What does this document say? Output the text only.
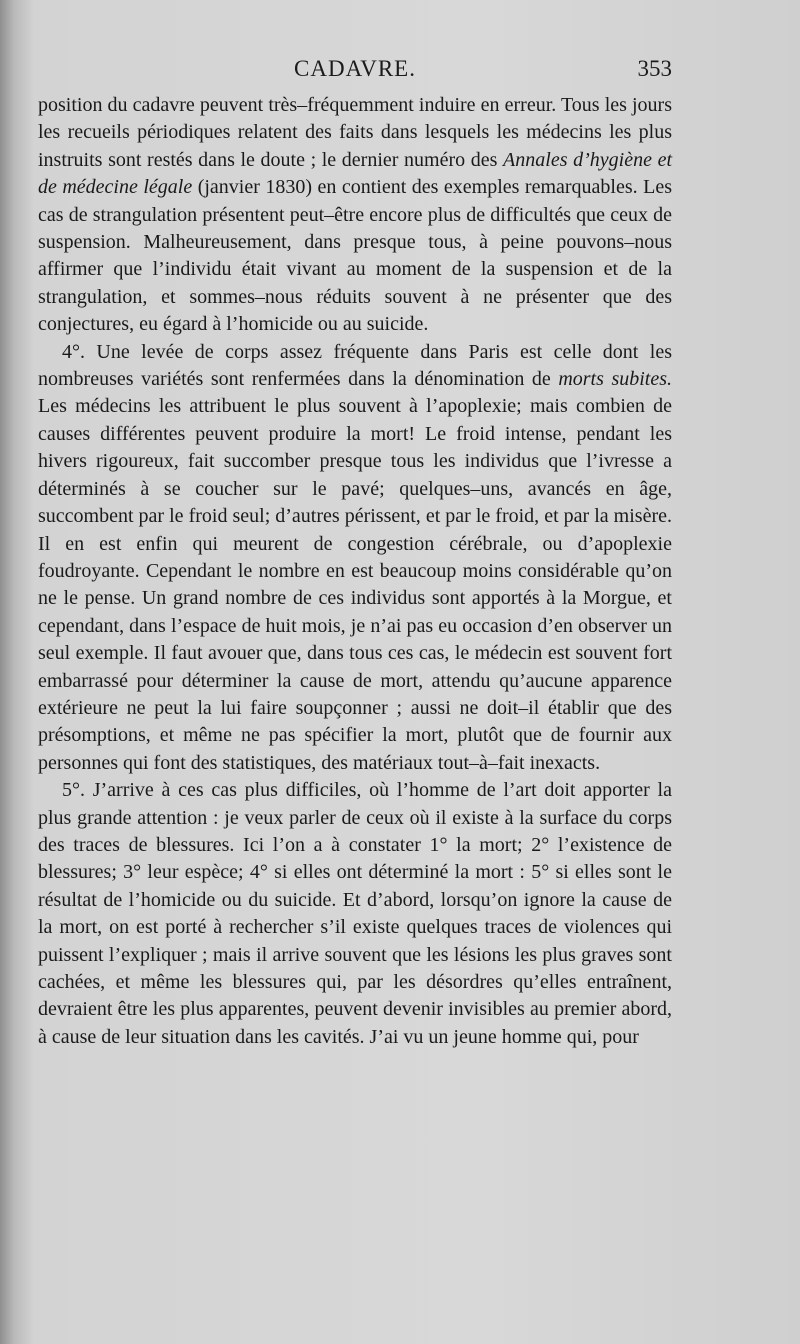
CADAVRE.	353

position du cadavre peuvent très–fréquemment induire en erreur. Tous les jours les recueils périodiques relatent des faits dans lesquels les médecins les plus instruits sont restés dans le doute ; le dernier numéro des Annales d’hygiène et de médecine légale (janvier 1830) en contient des exemples remarquables. Les cas de strangulation présentent peut–être encore plus de difficultés que ceux de suspension. Malheureusement, dans presque tous, à peine pouvons–nous affirmer que l’individu était vivant au moment de la suspension et de la strangulation, et sommes–nous réduits souvent à ne présenter que des conjectures, eu égard à l’homicide ou au suicide.

4°. Une levée de corps assez fréquente dans Paris est celle dont les nombreuses variétés sont renfermées dans la dénomination de morts subites. Les médecins les attribuent le plus souvent à l’apoplexie; mais combien de causes différentes peuvent produire la mort! Le froid intense, pendant les hivers rigoureux, fait succomber presque tous les individus que l’ivresse a déterminés à se coucher sur le pavé; quelques–uns, avancés en âge, succombent par le froid seul; d’autres périssent, et par le froid, et par la misère. Il en est enfin qui meurent de congestion cérébrale, ou d’apoplexie foudroyante. Cependant le nombre en est beaucoup moins considérable qu’on ne le pense. Un grand nombre de ces individus sont apportés à la Morgue, et cependant, dans l’espace de huit mois, je n’ai pas eu occasion d’en observer un seul exemple. Il faut avouer que, dans tous ces cas, le médecin est souvent fort embarrassé pour déterminer la cause de mort, attendu qu’aucune apparence extérieure ne peut la lui faire soupçonner ; aussi ne doit–il établir que des présomptions, et même ne pas spécifier la mort, plutôt que de fournir aux personnes qui font des statistiques, des matériaux tout–à–fait inexacts.

5°. J’arrive à ces cas plus difficiles, où l’homme de l’art doit apporter la plus grande attention : je veux parler de ceux où il existe à la surface du corps des traces de blessures. Ici l’on a à constater 1° la mort; 2° l’existence de blessures; 3° leur espèce; 4° si elles ont déterminé la mort : 5° si elles sont le résultat de l’homicide ou du suicide. Et d’abord, lorsqu’on ignore la cause de la mort, on est porté à rechercher s’il existe quelques traces de violences qui puissent l’expliquer ; mais il arrive souvent que les lésions les plus graves sont cachées, et même les blessures qui, par les désordres qu’elles entraînent, devraient être les plus apparentes, peuvent devenir invisibles au premier abord, à cause de leur situation dans les cavités. J’ai vu un jeune homme qui, pour
